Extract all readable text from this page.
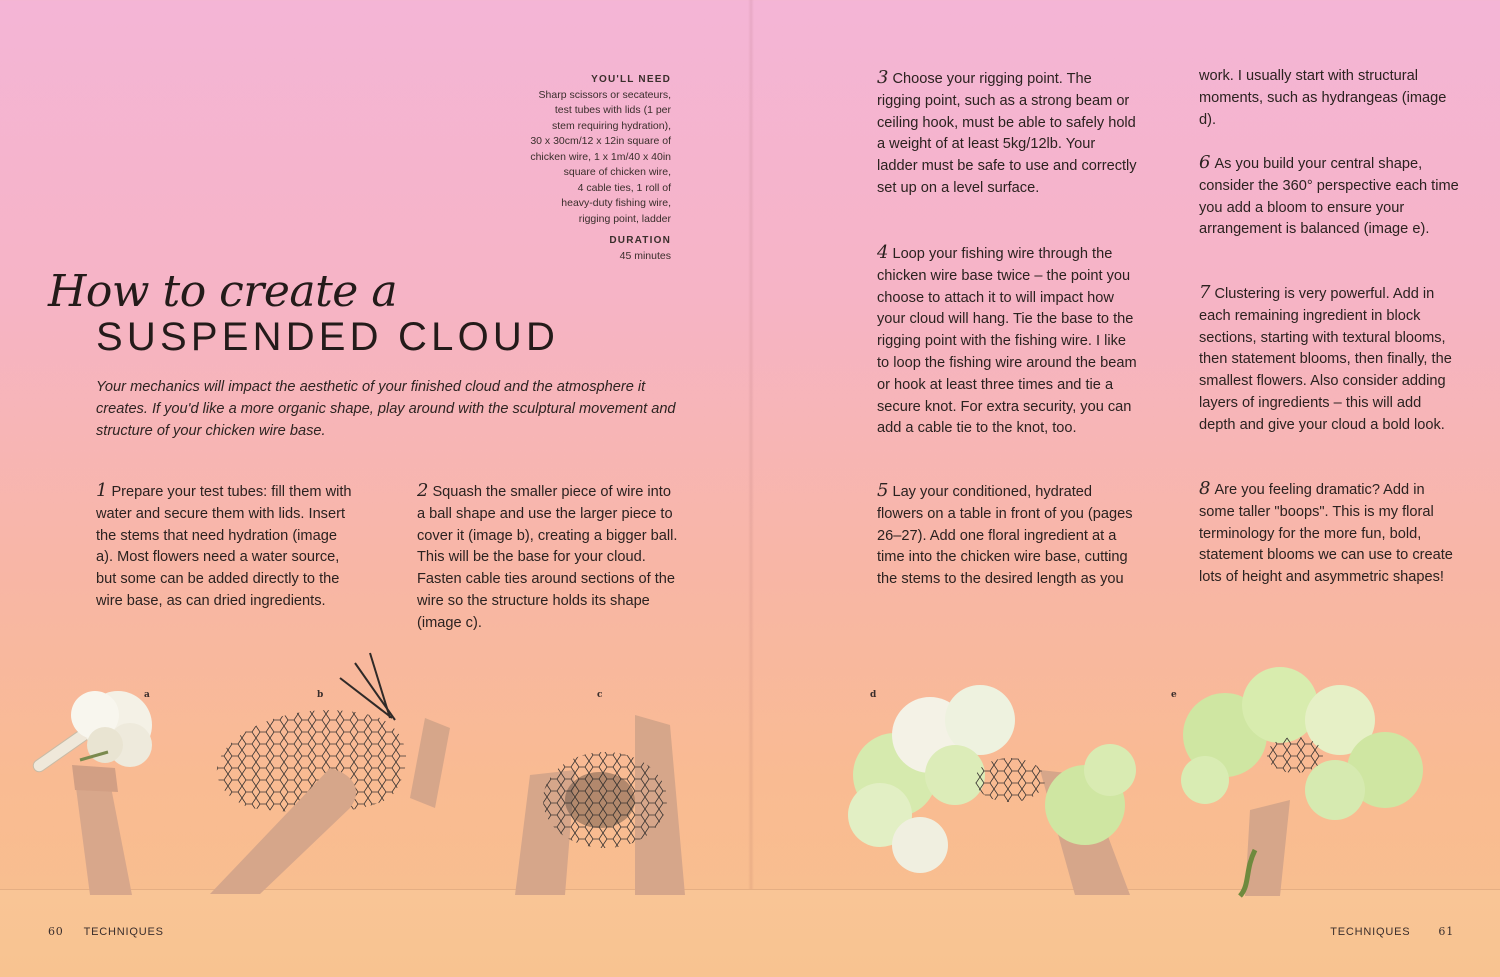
YOU'LL NEED
Sharp scissors or secateurs,
test tubes with lids (1 per
stem requiring hydration),
30 x 30cm/12 x 12in square of
chicken wire, 1 x 1m/40 x 40in
square of chicken wire,
4 cable ties, 1 roll of
heavy-duty fishing wire,
rigging point, ladder
DURATION
45 minutes
How to create a
SUSPENDED CLOUD
Your mechanics will impact the aesthetic of your finished cloud and the atmosphere it creates. If you'd like a more organic shape, play around with the sculptural movement and structure of your chicken wire base.
1 Prepare your test tubes: fill them with water and secure them with lids. Insert the stems that need hydration (image a). Most flowers need a water source, but some can be added directly to the wire base, as can dried ingredients.
2 Squash the smaller piece of wire into a ball shape and use the larger piece to cover it (image b), creating a bigger ball. This will be the base for your cloud. Fasten cable ties around sections of the wire so the structure holds its shape (image c).
3 Choose your rigging point. The rigging point, such as a strong beam or ceiling hook, must be able to safely hold a weight of at least 5kg/12lb. Your ladder must be safe to use and correctly set up on a level surface.
4 Loop your fishing wire through the chicken wire base twice – the point you choose to attach it to will impact how your cloud will hang. Tie the base to the rigging point with the fishing wire. I like to loop the fishing wire around the beam or hook at least three times and tie a secure knot. For extra security, you can add a cable tie to the knot, too.
5 Lay your conditioned, hydrated flowers on a table in front of you (pages 26–27). Add one floral ingredient at a time into the chicken wire base, cutting the stems to the desired length as you
work. I usually start with structural moments, such as hydrangeas (image d).
6 As you build your central shape, consider the 360° perspective each time you add a bloom to ensure your arrangement is balanced (image e).
7 Clustering is very powerful. Add in each remaining ingredient in block sections, starting with textural blooms, then statement blooms, then finally, the smallest flowers. Also consider adding layers of ingredients – this will add depth and give your cloud a bold look.
8 Are you feeling dramatic? Add in some taller "boops". This is my floral terminology for the more fun, bold, statement blooms we can use to create lots of height and asymmetric shapes!
a	b	c	d	e
60 TECHNIQUES	TECHNIQUES	61
